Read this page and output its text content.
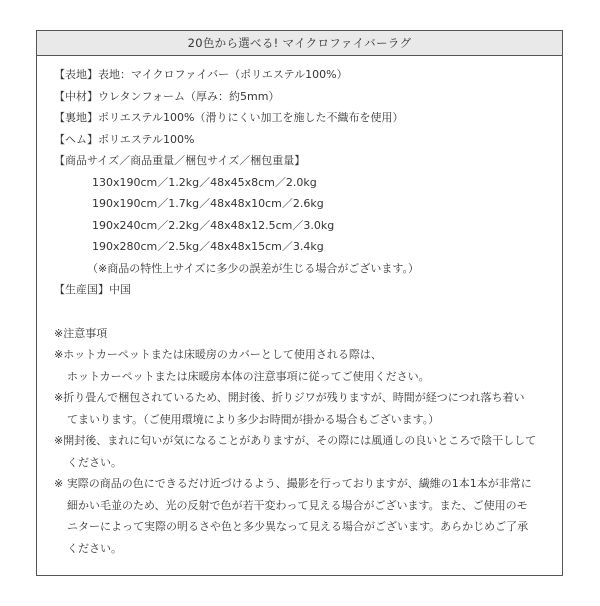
20色から選べる! マイクロファイバーラグ
【表地】表地：マイクロファイバー（ポリエステル100%）
【中材】ウレタンフォーム（厚み：約5mm）
【裏地】ポリエステル100%（滑りにくい加工を施した不織布を使用）
【ヘム】ポリエステル100%
【商品サイズ／商品重量／梱包サイズ／梱包重量】
130x190cm／1.2kg／48x45x8cm／2.0kg
190x190cm／1.7kg／48x48x10cm／2.6kg
190x240cm／2.2kg／48x48x12.5cm／3.0kg
190x280cm／2.5kg／48x48x15cm／3.4kg
（※商品の特性上サイズに多少の誤差が生じる場合がございます。）
【生産国】中国
※注意事項
※ホットカーペットまたは床暖房のカバーとして使用される際は、
ホットカーペットまたは床暖房本体の注意事項に従ってご使用ください。
※折り畳んで梱包されているため、開封後、折りジワが残りますが、時間が経つにつれ落ち着い
てまいります。（ご使用環境により多少お時間が掛かる場合もございます。）
※開封後、まれに匂いが気になることがありますが、その際には風通しの良いところで陰干しして
ください。
※ 実際の商品の色にできるだけ近づけるよう、撮影を行っておりますが、繊維の1本1本が非常に
細かい毛並のため、光の反射で色が若干変わって見える場合がございます。また、ご使用のモ
ニターによって実際の明るさや色と多少異なって見える場合がございます。あらかじめご了承
ください。
